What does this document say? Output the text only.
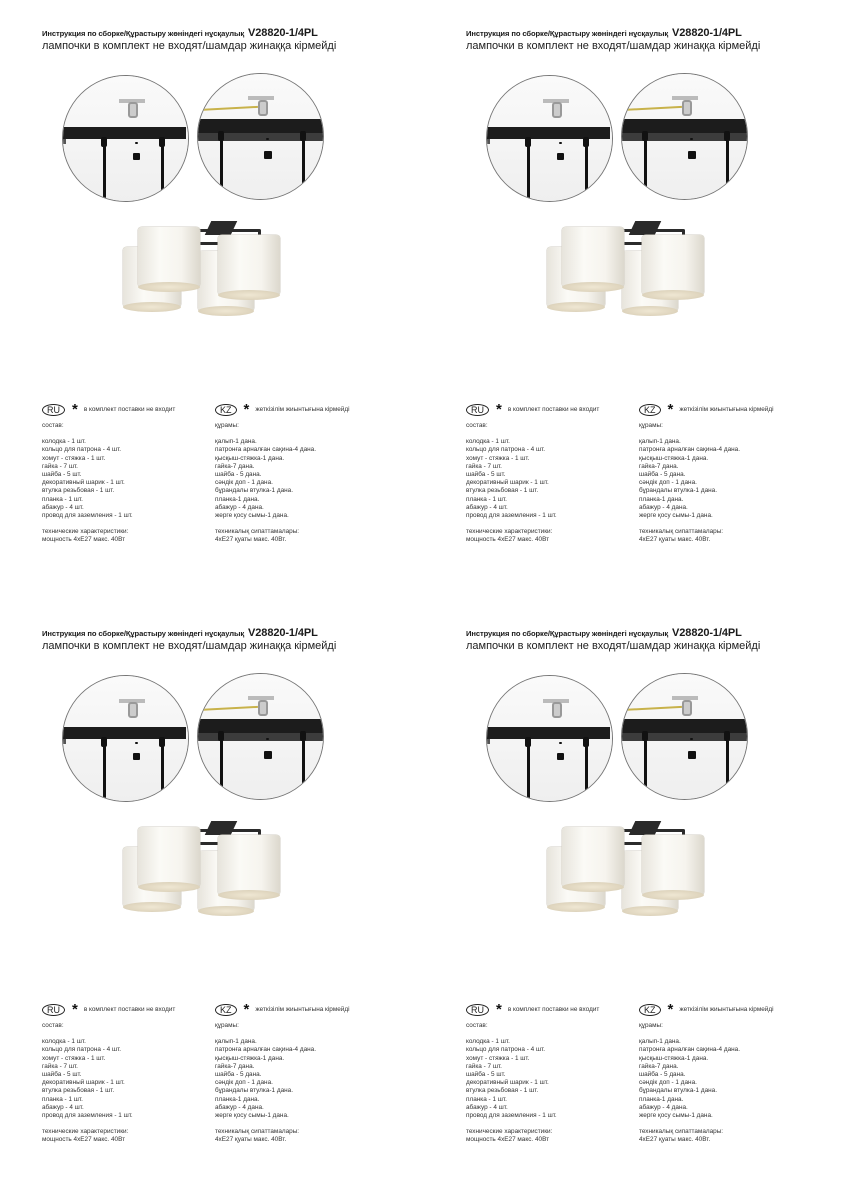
Инструкция по сборке/Құрастыру жөніндегі нұсқаулық V28820-1/4PL
лампочки в комплект не входят/шамдар жинаққа кірмейді
RU * в комплект поставки не входит
состав:
колодка - 1 шт.
кольцо для патрона - 4 шт.
хомут - стяжка - 1 шт.
гайка - 7 шт.
шайба - 5 шт.
декоративный шарик - 1 шт.
втулка резьбовая - 1 шт.
планка - 1 шт.
абажур - 4 шт.
провод для заземления - 1 шт.
технические характеристики:
мощность 4xE27 макс. 40Вт
KZ * жеткізілім жиынтығына кірмейді
құрамы:
қалып-1 дана.
патронға арналған сақина-4 дана.
қысқыш-стяжка-1 дана.
гайка-7 дана.
шайба - 5 дана.
сәндік доп - 1 дана.
бұрандалы втулка-1 дана.
планка-1 дана.
абажур - 4 дана.
жерге қосу сымы-1 дана.
техникалық сипаттамалары:
4xE27 қуаты макс. 40Вт.
Инструкция по сборке/Құрастыру жөніндегі нұсқаулық V28820-1/4PL
лампочки в комплект не входят/шамдар жинаққа кірмейді
RU * в комплект поставки не входит
состав:
колодка - 1 шт.
кольцо для патрона - 4 шт.
хомут - стяжка - 1 шт.
гайка - 7 шт.
шайба - 5 шт.
декоративный шарик - 1 шт.
втулка резьбовая - 1 шт.
планка - 1 шт.
абажур - 4 шт.
провод для заземления - 1 шт.
технические характеристики:
мощность 4xE27 макс. 40Вт
KZ * жеткізілім жиынтығына кірмейді
құрамы:
қалып-1 дана.
патронға арналған сақина-4 дана.
қысқыш-стяжка-1 дана.
гайка-7 дана.
шайба - 5 дана.
сәндік доп - 1 дана.
бұрандалы втулка-1 дана.
планка-1 дана.
абажур - 4 дана.
жерге қосу сымы-1 дана.
техникалық сипаттамалары:
4xE27 қуаты макс. 40Вт.
Инструкция по сборке/Құрастыру жөніндегі нұсқаулық V28820-1/4PL
лампочки в комплект не входят/шамдар жинаққа кірмейді
RU * в комплект поставки не входит
состав:
колодка - 1 шт.
кольцо для патрона - 4 шт.
хомут - стяжка - 1 шт.
гайка - 7 шт.
шайба - 5 шт.
декоративный шарик - 1 шт.
втулка резьбовая - 1 шт.
планка - 1 шт.
абажур - 4 шт.
провод для заземления - 1 шт.
технические характеристики:
мощность 4xE27 макс. 40Вт
KZ * жеткізілім жиынтығына кірмейді
құрамы:
қалып-1 дана.
патронға арналған сақина-4 дана.
қысқыш-стяжка-1 дана.
гайка-7 дана.
шайба - 5 дана.
сәндік доп - 1 дана.
бұрандалы втулка-1 дана.
планка-1 дана.
абажур - 4 дана.
жерге қосу сымы-1 дана.
техникалық сипаттамалары:
4xE27 қуаты макс. 40Вт.
Инструкция по сборке/Құрастыру жөніндегі нұсқаулық V28820-1/4PL
лампочки в комплект не входят/шамдар жинаққа кірмейді
RU * в комплект поставки не входит
состав:
колодка - 1 шт.
кольцо для патрона - 4 шт.
хомут - стяжка - 1 шт.
гайка - 7 шт.
шайба - 5 шт.
декоративный шарик - 1 шт.
втулка резьбовая - 1 шт.
планка - 1 шт.
абажур - 4 шт.
провод для заземления - 1 шт.
технические характеристики:
мощность 4xE27 макс. 40Вт
KZ * жеткізілім жиынтығына кірмейді
құрамы:
қалып-1 дана.
патронға арналған сақина-4 дана.
қысқыш-стяжка-1 дана.
гайка-7 дана.
шайба - 5 дана.
сәндік доп - 1 дана.
бұрандалы втулка-1 дана.
планка-1 дана.
абажур - 4 дана.
жерге қосу сымы-1 дана.
техникалық сипаттамалары:
4xE27 қуаты макс. 40Вт.
